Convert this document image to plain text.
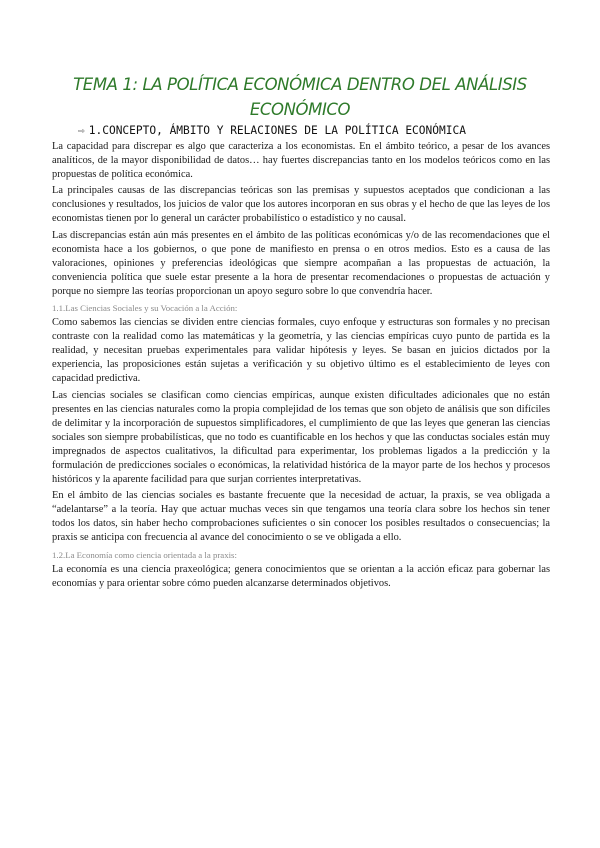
TEMA 1: LA POLÍTICA ECONÓMICA DENTRO DEL ANÁLISIS ECONÓMICO
⇨ 1.CONCEPTO, ÁMBITO Y RELACIONES DE LA POLÍTICA ECONÓMICA

La capacidad para discrepar es algo que caracteriza a los economistas. En el ámbito teórico, a pesar de los avances analíticos, de la mayor disponibilidad de datos… hay fuertes discrepancias tanto en los modelos teóricos como en las propuestas de política económica.

La principales causas de las discrepancias teóricas son las premisas y supuestos aceptados que condicionan a las conclusiones y resultados, los juicios de valor que los autores incorporan en sus obras y el hecho de que las leyes de los economistas tienen por lo general un carácter probabilístico o estadístico y no causal.

Las discrepancias están aún más presentes en el ámbito de las políticas económicas y/o de las recomendaciones que el economista hace a los gobiernos, o que pone de manifiesto en prensa o en otros medios. Esto es a causa de las valoraciones, opiniones y preferencias ideológicas que siempre acompañan a las propuestas de actuación, la conveniencia política que suele estar presente a la hora de presentar recomendaciones o propuestas de actuación y porque no siempre las teorías proporcionan un apoyo seguro sobre lo que convendría hacer.

1.1.Las Ciencias Sociales y su Vocación a la Acción:

Como sabemos las ciencias se dividen entre ciencias formales, cuyo enfoque y estructuras son formales y no precisan contraste con la realidad como las matemáticas y la geometría, y las ciencias empíricas cuyo punto de partida es la realidad, y necesitan pruebas experimentales para validar hipótesis y leyes. Se basan en juicios dictados por la experiencia, las proposiciones están sujetas a verificación y su objetivo último es el establecimiento de leyes con capacidad predictiva.

Las ciencias sociales se clasifican como ciencias empíricas, aunque existen dificultades adicionales que no están presentes en las ciencias naturales como la propia complejidad de los temas que son objeto de análisis que son difíciles de delimitar y la incorporación de supuestos simplificadores, el cumplimiento de que las leyes que generan las ciencias sociales son siempre probabilísticas, que no todo es cuantificable en los hechos y que las conductas sociales están muy impregnados de aspectos cualitativos, la dificultad para experimentar, los problemas ligados a la predicción y la formulación de predicciones sociales o económicas, la relatividad histórica de la mayor parte de los hechos y procesos históricos y la aparente facilidad para que surjan corrientes interpretativas.

En el ámbito de las ciencias sociales es bastante frecuente que la necesidad de actuar, la praxis, se vea obligada a “adelantarse” a la teoría. Hay que actuar muchas veces sin que tengamos una teoría clara sobre los hechos sin tener todos los datos, sin haber hecho comprobaciones suficientes o sin conocer los posibles resultados o consecuencias; la praxis se anticipa con frecuencia al avance del conocimiento o se ve obligada a ello.

1.2.La Economía como ciencia orientada a la praxis:

La economía es una ciencia praxeológica; genera conocimientos que se orientan a la acción eficaz para gobernar las economías y para orientar sobre cómo pueden alcanzarse determinados objetivos.
